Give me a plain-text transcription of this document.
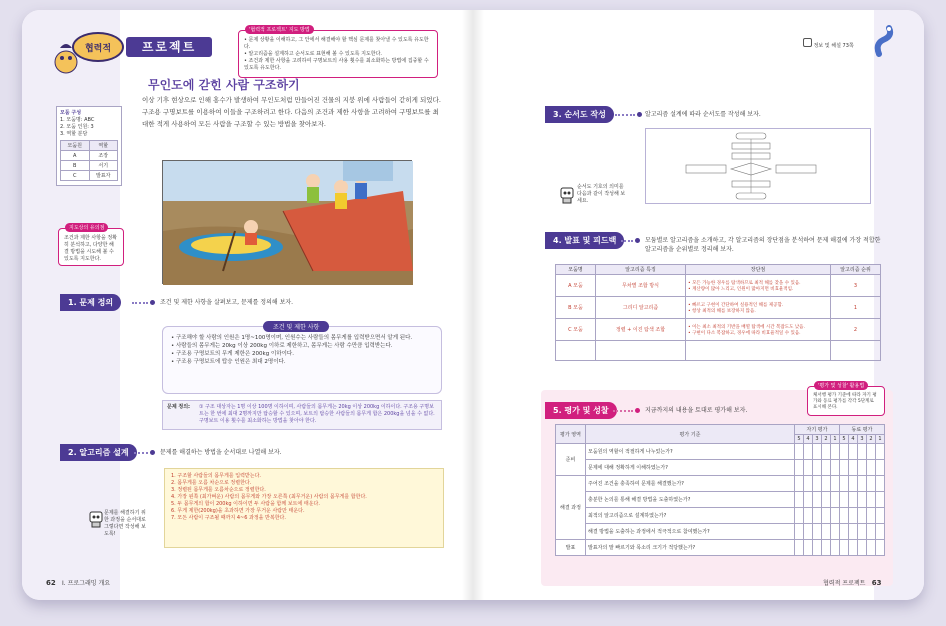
협력적	프로젝트
'협력적 프로젝트' 지도 방법
• 문제 상황을 이해하고, 그 안에서 해결해야 할 핵심 문제를 찾아낼 수 있도록 유도한다.
• 알고리즘을 설계하고 순서도로 표현해 볼 수 있도록 지도한다.
• 조건과 제한 사항을 고려하여 구명보트의 사용 횟수를 최소화하는 방법에 집중할 수 있도록 유도한다.
무인도에 갇힌 사람 구조하기
이상 기후 현상으로 인해 홍수가 발생하여 무인도처럼 만들어진 건물의 지붕 위에 사람들이 갇히게 되었다. 구조용 구명보트를 이용하여 이들을 구조하려고 한다. 다음의 조건과 제한 사항을 고려하여 구명보트를 최대한 적게 사용하여 모든 사람을 구조할 수 있는 방법을 찾아보자.
모둠 구성
1. 모둠명: ABC
2. 모둠 인원: 3
3. 역할 분담
모둠원	역할
A	조장
B	서기
C	발표자
지도상의 유의점
조건과 제한 사항을 정확히 분석하고, 다양한 해결 방법을 시도해 볼 수 있도록 지도한다.
1. 문제 정의	조건 및 제한 사항을 살펴보고, 문제를 정의해 보자.
조건 및 제한 사항
• 구조해야 할 사람의 인원은 1명~100명이며, 인원수는 사람들의 몸무게를 입력받으면서 알게 된다.
• 사람들의 몸무게는 20kg 이상 200kg 이하로 제한하고, 몸무게는 사람 수만큼 입력받는다.
• 구조용 구명보트의 무게 제한은 200kg 이하이다.
• 구조용 구명보트에 탑승 인원은 최대 2명이다.
문제 정의: ① 구조 대상자는 1명 이상 100명 이하이며, 사람들의 몸무게는 20kg 이상 200kg 이하이다. 구조용 구명보트는 한 번에 최대 2명까지만 탑승할 수 있으며, 보트의 탑승한 사람들의 몸무게 합은 200kg을 넘을 수 없다. 구명보트 이용 횟수를 최소화하는 방법을 찾아야 한다.
2. 알고리즘 설계	문제를 해결하는 방법을 순서대로 나열해 보자.
문제를 해결하기 위한 과정을 순서대로 그렇다면 작성해 보도록!
1. 구조할 사람들의 몸무게를 입력받는다.
2. 몸무게를 오름 차순으로 정렬한다.
3. 정렬된 몸무게를 오름차순으로 정렬한다.
4. 가장 왼쪽 (최가벼운) 사람의 몸무게와 가장 오른쪽 (최무거운) 사람의 몸무게를 합한다.
5. 두 몸무게의 합이 200kg 이하이면 두 사람을 함께 보트에 태운다.
6. 무게 제한(200kg)을 초과하면 가장 무거운 사람만 태운다.
7. 모든 사람이 구조될 때까지 4~6 과정을 반복한다.
62 I. 프로그래밍 개요
정보 및 해설 73쪽
3. 순서도 작성	알고리즘 설계에 따라 순서도를 작성해 보자.
순서도 기호의 의미를 다음과 같이 작성해 보세요.
4. 발표 및 피드백	모둠별로 알고리즘을 소개하고, 각 알고리즘의 장단점을 분석하여 문제 해결에 가장 적합한 알고리즘을 순위별로 정리해 보자.
모둠명	알고리즘 특징	장단점	알고리즘 순위
A 모둠	무차별 조합 방식	• 모든 가능한 경우를 탐색하므로 최적 해를 찾을 수 있음.
• 계산량이 많아 느리고, 인원이 많아지면 비효율적임.	3
B 모둠	그리디 알고리즘	• 빠르고 구현이 간단하여 실용적인 해를 제공함.
• 항상 최적의 해를 보장하지 않음.	1
C 모둠	정렬 + 이진 탐색 조합	• 이는 최소 최적의 기반을 배열 탐색에 시간 복잡도도 낮음.
• 구현이 다소 복잡하고, 경우에 따라 비효율적일 수 있음.	2

5. 평가 및 성찰	지금까지의 내용을 토대로 평가해 보자.
'평가 및 성찰' 활용법
체서행 평가 기준에 따라 자기 평가와 동료 평가를 각각 5단계로 표시해 본다.
평가 영역	평가 기준	자기 평가					동료 평가				
		5	4	3	2	1	5	4	3	2	1
준비	모둠원의 역할이 적절하게 나누었는가?										
	문제에 대해 정확하게 이해하였는가?										
해결 과정	주어진 조건을 충족하여 문제를 해결했는가?										
	충분한 논의를 통해 해결 방법을 도출하였는가?										
	최적의 알고리즘으로 설계하였는가?										
	해결 방법을 도출하는 과정에서 적극적으로 참여했는가?										
발표	발표자의 말 빠르기와 목소리 크기가 적당했는가?										
협력적 프로젝트 63
